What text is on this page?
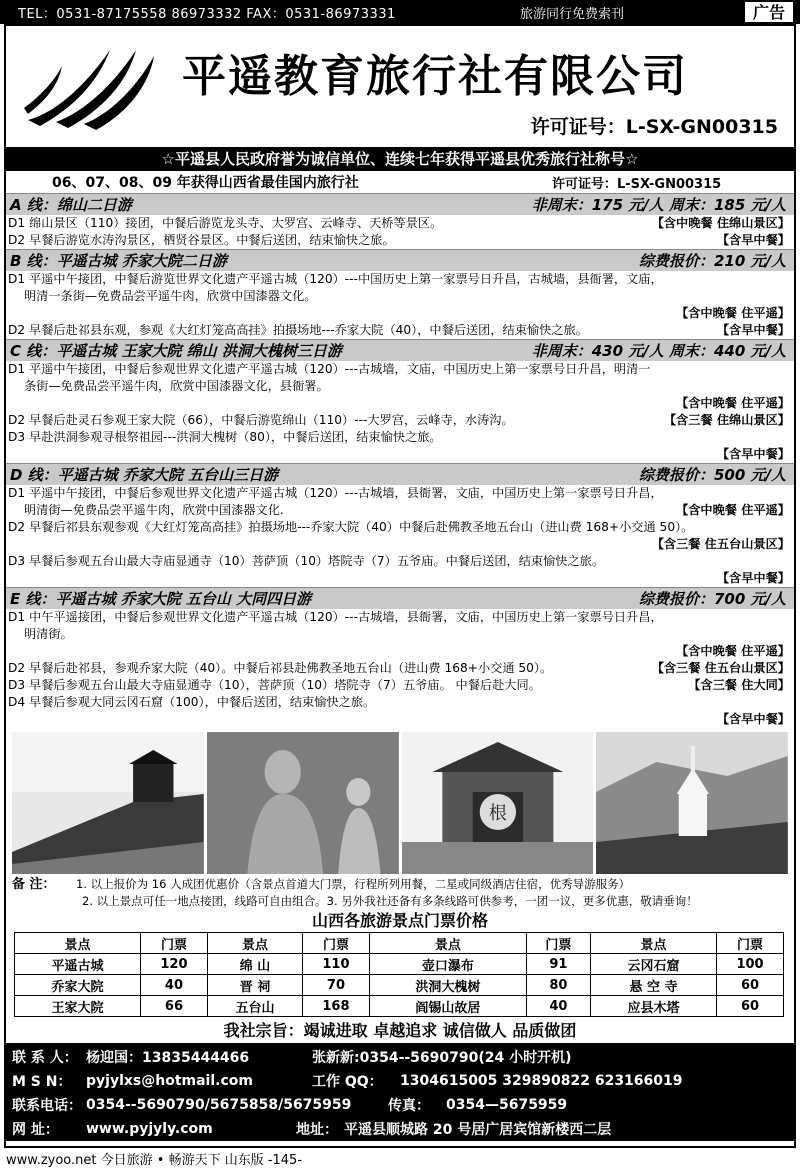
TEL：0531-87175558 86973332 FAX：0531-86973331	旅游同行免费索刊	广告
平遥教育旅行社有限公司
许可证号：L-SX-GN00315
☆平遥县人民政府誉为诚信单位、连续七年获得平遥县优秀旅行社称号☆
06、07、08、09 年获得山西省最佳国内旅行社	许可证号：L-SX-GN00315
A 线：绵山二日游	非周末：175 元/人 周末：185 元/人
D1 绵山景区（110）接团，中餐后游览龙头寺、大罗宫、云峰寺、天桥等景区。	【含中晚餐 住绵山景区】
D2 早餐后游览水涛沟景区，栖贤谷景区。中餐后送团，结束愉快之旅。	【含早中餐】
B 线：平遥古城 乔家大院二日游	综费报价：210 元/人
D1 平遥中午接团，中餐后游览世界文化遗产平遥古城（120）---中国历史上第一家票号日升昌，古城墙，县衙署，文庙，
明清一条街—免费品尝平遥牛肉，欣赏中国漆器文化。
【含中晚餐 住平遥】
D2 早餐后赴祁县东观，参观《大红灯笼高高挂》拍摄场地---乔家大院（40），中餐后送团，结束愉快之旅。	【含早中餐】
C 线：平遥古城 王家大院 绵山 洪洞大槐树三日游	非周末：430 元/人 周末：440 元/人
D1 平遥中午接团，中餐后参观世界文化遗产平遥古城（120）---古城墙，文庙，中国历史上第一家票号日升昌，明清一
条街—免费品尝平遥牛肉，欣赏中国漆器文化，县衙署。
【含中晚餐 住平遥】
D2 早餐后赴灵石参观王家大院（66），中餐后游览绵山（110）---大罗宫，云峰寺，水涛沟。	【含三餐 住绵山景区】
D3 早赴洪洞参观寻根祭祖园---洪洞大槐树（80），中餐后送团，结束愉快之旅。
【含早中餐】
D 线：平遥古城 乔家大院 五台山三日游	综费报价：500 元/人
D1 平遥中午接团，中餐后参观世界文化遗产平遥古城（120）---古城墙，县衙署，文庙，中国历史上第一家票号日升昌，
明清街—免费品尝平遥牛肉，欣赏中国漆器文化.	【含中晚餐 住平遥】
D2 早餐后祁县东观参观《大红灯笼高高挂》拍摄场地---乔家大院（40）中餐后赴佛教圣地五台山（进山费 168+小交通 50）。
【含三餐 住五台山景区】
D3 早餐后参观五台山最大寺庙显通寺（10）菩萨顶（10）塔院寺（7）五爷庙。中餐后送团，结束愉快之旅。
【含早中餐】
E 线：平遥古城 乔家大院 五台山 大同四日游	综费报价：700 元/人
D1 中午平遥接团，中餐后参观世界文化遗产平遥古城（120）---古城墙，县衙署，文庙，中国历史上第一家票号日升昌，
明清街。
【含中晚餐 住平遥】
D2 早餐后赴祁县，参观乔家大院（40）。中餐后祁县赴佛教圣地五台山（进山费 168+小交通 50）。	【含三餐 住五台山景区】
D3 早餐后参观五台山最大寺庙显通寺（10），菩萨顶（10）塔院寺（7）五爷庙。 中餐后赴大同。	【含三餐 住大同】
D4 早餐后参观大同云冈石窟（100），中餐后送团，结束愉快之旅。
【含早中餐】
根
备 注： 1. 以上报价为 16 人成团优惠价（含景点首道大门票，行程所列用餐，二星或同级酒店住宿，优秀导游服务）
2. 以上景点可任一地点接团，线路可自由组合。3. 另外我社还备有多条线路可供参考，一团一议，更多优惠，敬请垂询！
山西各旅游景点门票价格
景点	门票	景点	门票	景点	门票	景点	门票
平遥古城	120	绵 山	110	壶口瀑布	91	云冈石窟	100
乔家大院	40	晋 祠	70	洪洞大槐树	80	悬 空 寺	60
王家大院	66	五台山	168	阎锡山故居	40	应县木塔	60
我社宗旨：竭诚进取 卓越追求 诚信做人 品质做团
联 系 人： 杨迎国：13835444466	张新新:0354--5690790(24 小时开机)
M S N：	pyjylxs@hotmail.com	工作 QQ：	1304615005 329890822 623166019
联系电话： 0354--5690790/5675858/5675959	传真：	0354—5675959
网 址：	www.pyjyly.com	地址： 平遥县顺城路 20 号居广居宾馆新楼西二层
www.zyoo.net 今日旅游 • 畅游天下 山东版 -145-
